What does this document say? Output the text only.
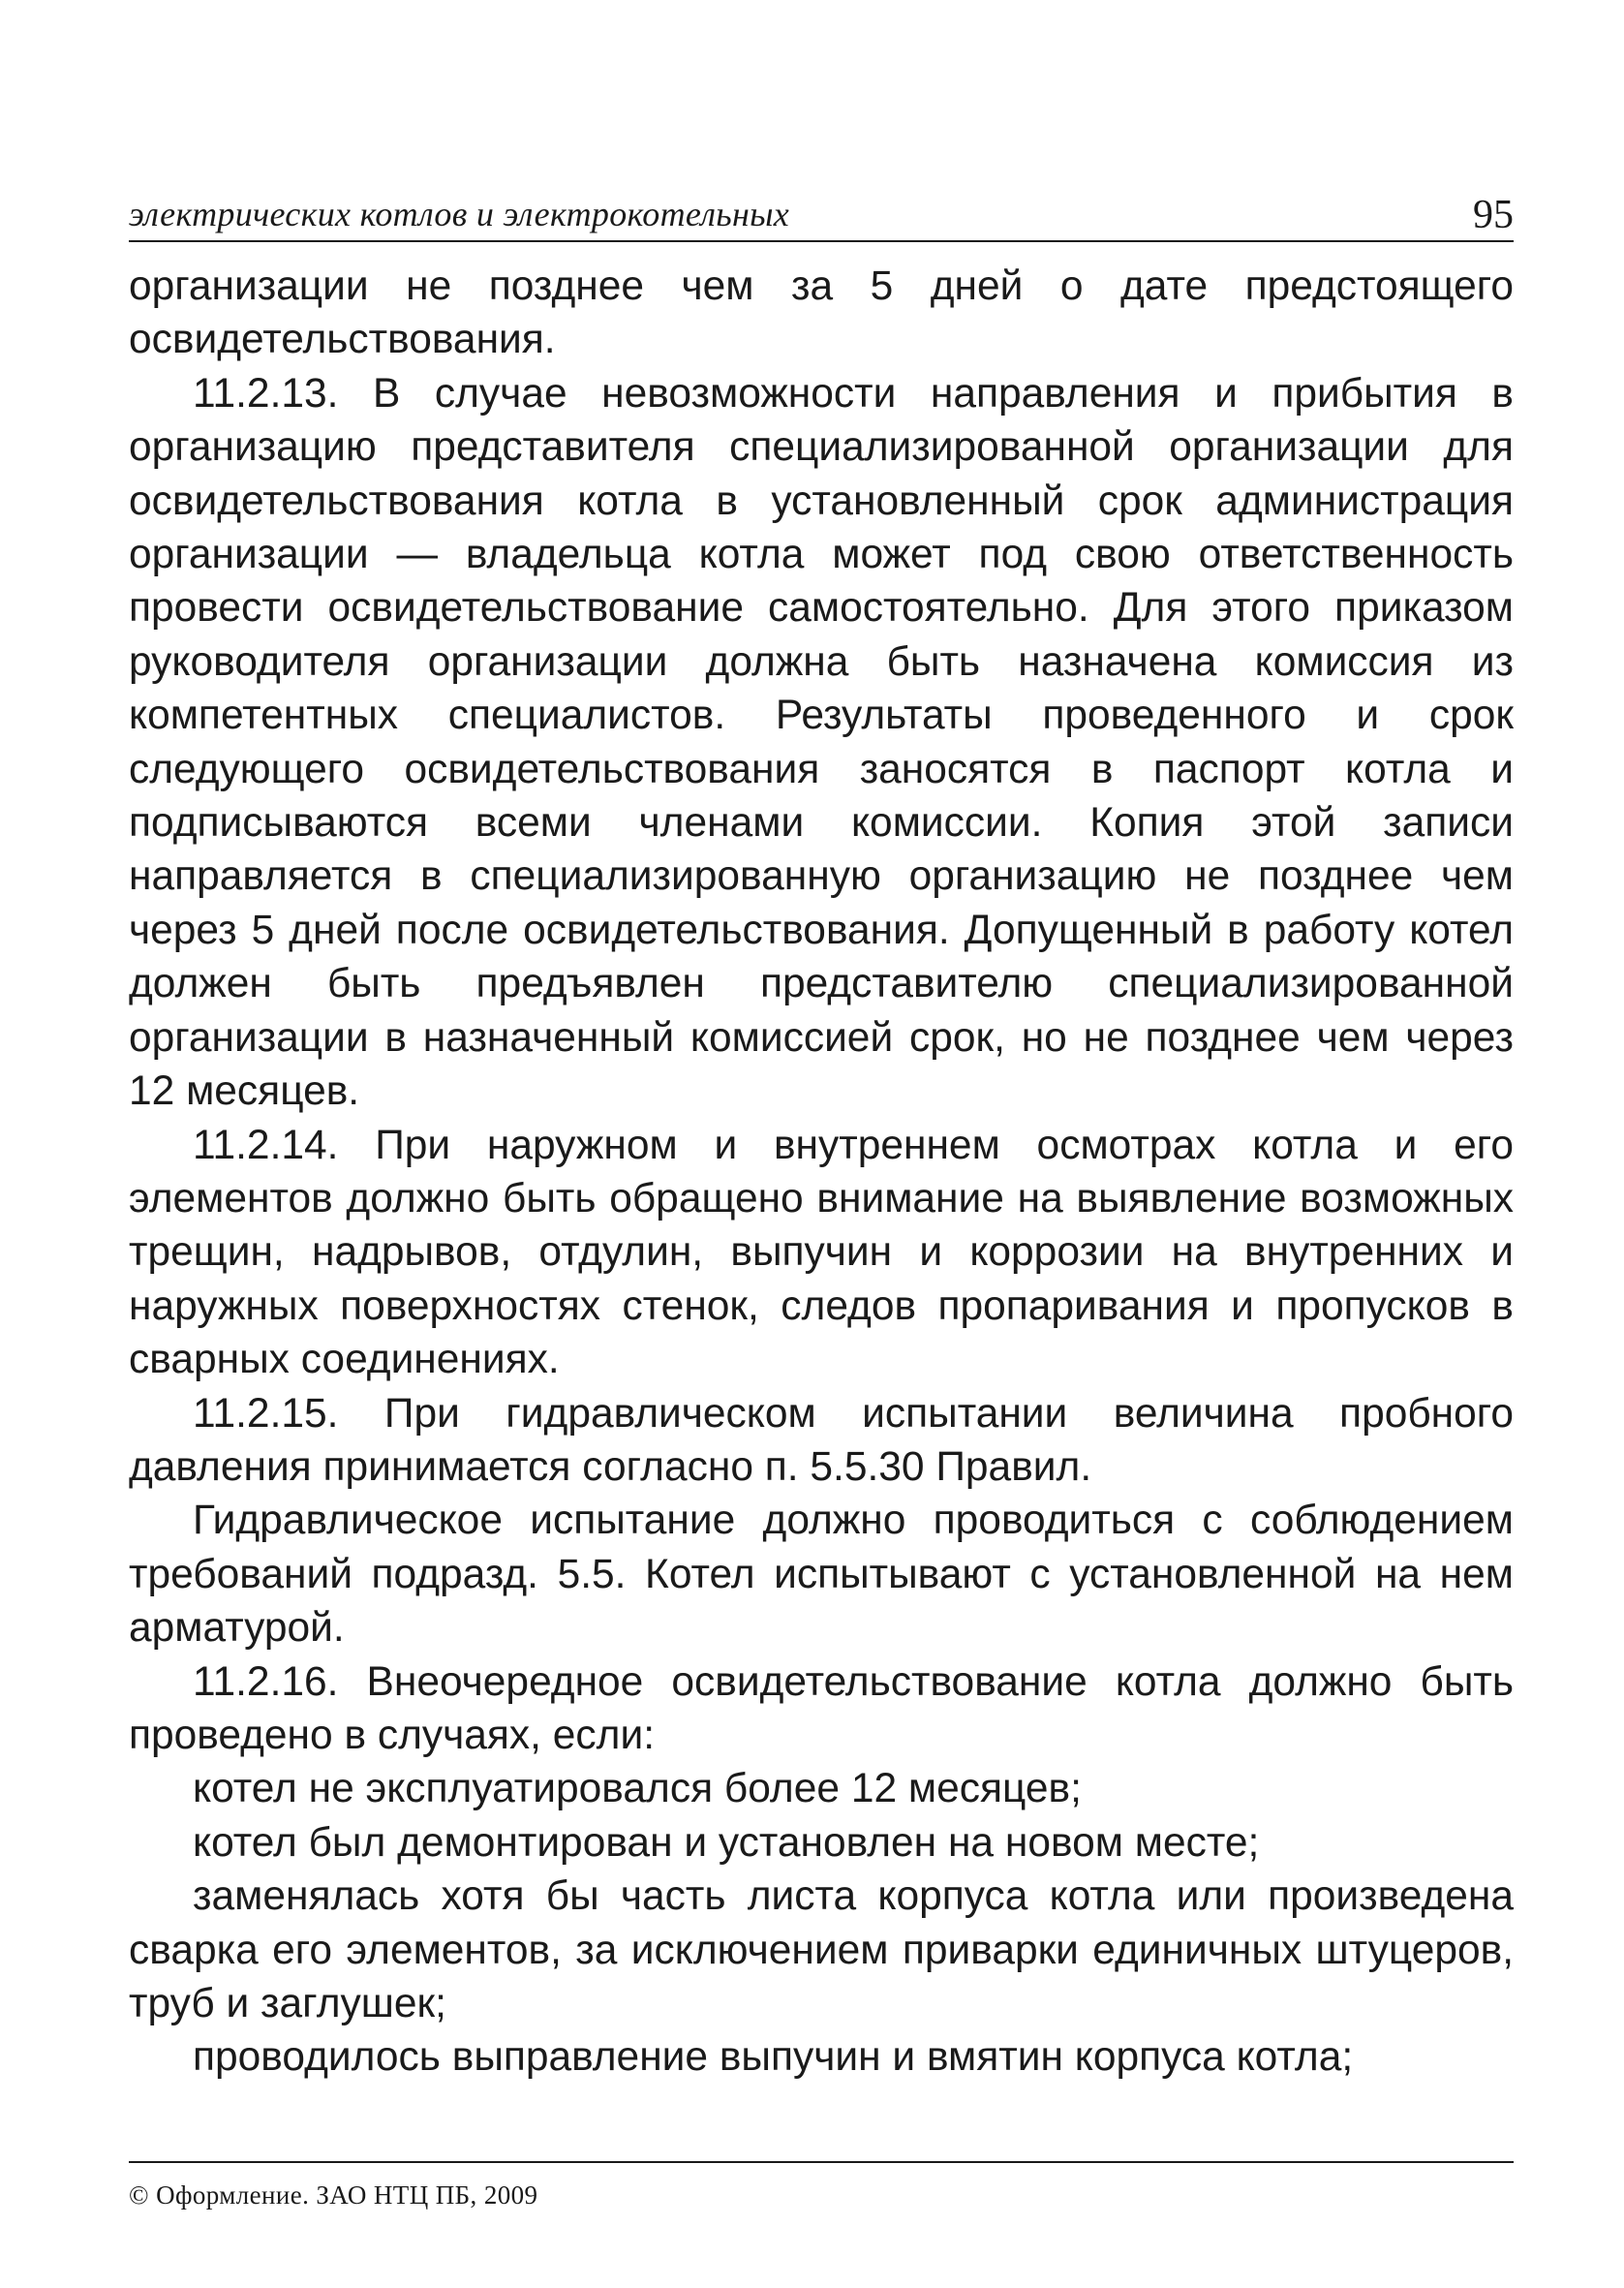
электрических котлов и электрокотельных	95

организации не позднее чем за 5 дней о дате предстоящего освидетельствования.

11.2.13. В случае невозможности направления и прибытия в организацию представителя специализированной организации для освидетельствования котла в установленный срок администрация организации — владельца котла может под свою ответственность провести освидетельствование самостоятельно. Для этого приказом руководителя организации должна быть назначена комиссия из компетентных специалистов. Результаты проведенного и срок следующего освидетельствования заносятся в паспорт котла и подписываются всеми членами комиссии. Копия этой записи направляется в специализированную организацию не позднее чем через 5 дней после освидетельствования. Допущенный в работу котел должен быть предъявлен представителю специализированной организации в назначенный комиссией срок, но не позднее чем через 12 месяцев.

11.2.14. При наружном и внутреннем осмотрах котла и его элементов должно быть обращено внимание на выявление возможных трещин, надрывов, отдулин, выпучин и коррозии на внутренних и наружных поверхностях стенок, следов пропаривания и пропусков в сварных соединениях.

11.2.15. При гидравлическом испытании величина пробного давления принимается согласно п. 5.5.30 Правил.

Гидравлическое испытание должно проводиться с соблюдением требований подразд. 5.5. Котел испытывают с установленной на нем арматурой.

11.2.16. Внеочередное освидетельствование котла должно быть проведено в случаях, если:

котел не эксплуатировался более 12 месяцев;

котел был демонтирован и установлен на новом месте;

заменялась хотя бы часть листа корпуса котла или произведена сварка его элементов, за исключением приварки единичных штуцеров, труб и заглушек;

проводилось выправление выпучин и вмятин корпуса котла;

© Оформление. ЗАО НТЦ ПБ, 2009
